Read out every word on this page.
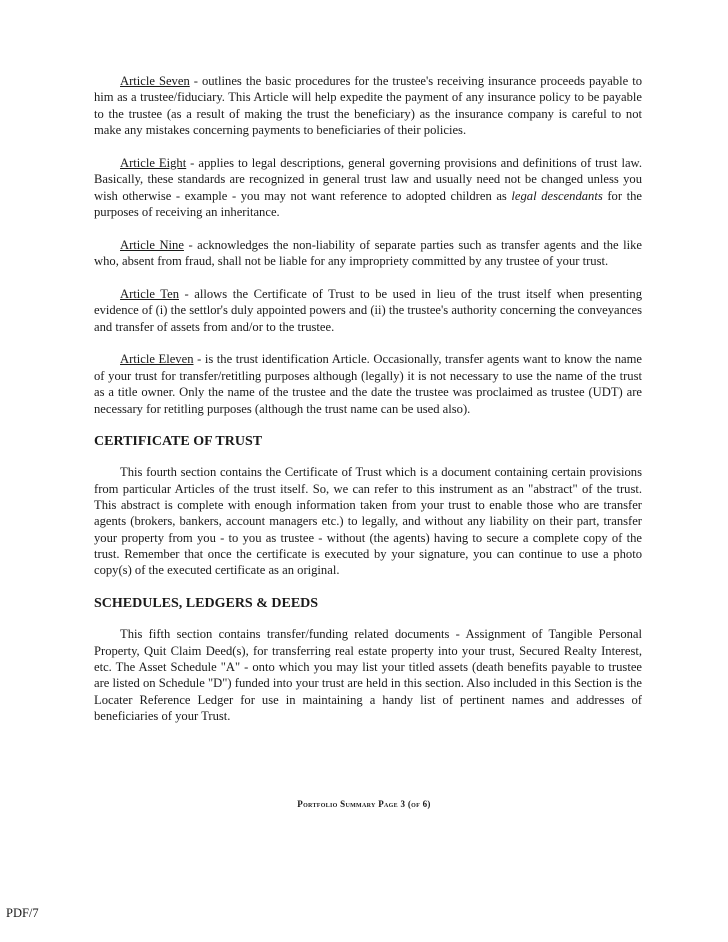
Article Seven - outlines the basic procedures for the trustee's receiving insurance proceeds payable to him as a trustee/fiduciary. This Article will help expedite the payment of any insurance policy to be payable to the trustee (as a result of making the trust the beneficiary) as the insurance company is careful to not make any mistakes concerning payments to beneficiaries of their policies.

Article Eight - applies to legal descriptions, general governing provisions and definitions of trust law. Basically, these standards are recognized in general trust law and usually need not be changed unless you wish otherwise - example - you may not want reference to adopted children as legal descendants for the purposes of receiving an inheritance.

Article Nine - acknowledges the non-liability of separate parties such as transfer agents and the like who, absent from fraud, shall not be liable for any impropriety committed by any trustee of your trust.

Article Ten - allows the Certificate of Trust to be used in lieu of the trust itself when presenting evidence of (i) the settlor's duly appointed powers and (ii) the trustee's authority concerning the conveyances and transfer of assets from and/or to the trustee.

Article Eleven - is the trust identification Article. Occasionally, transfer agents want to know the name of your trust for transfer/retitling purposes although (legally) it is not necessary to use the name of the trust as a title owner. Only the name of the trustee and the date the trustee was proclaimed as trustee (UDT) are necessary for retitling purposes (although the trust name can be used also).

CERTIFICATE OF TRUST

This fourth section contains the Certificate of Trust which is a document containing certain provisions from particular Articles of the trust itself. So, we can refer to this instrument as an "abstract" of the trust. This abstract is complete with enough information taken from your trust to enable those who are transfer agents (brokers, bankers, account managers etc.) to legally, and without any liability on their part, transfer your property from you - to you as trustee - without (the agents) having to secure a complete copy of the trust. Remember that once the certificate is executed by your signature, you can continue to use a photo copy(s) of the executed certificate as an original.

SCHEDULES, LEDGERS & DEEDS

This fifth section contains transfer/funding related documents - Assignment of Tangible Personal Property, Quit Claim Deed(s), for transferring real estate property into your trust, Secured Realty Interest, etc. The Asset Schedule "A" - onto which you may list your titled assets (death benefits payable to trustee are listed on Schedule "D") funded into your trust are held in this section. Also included in this Section is the Locater Reference Ledger for use in maintaining a handy list of pertinent names and addresses of beneficiaries of your Trust.

Portfolio Summary Page 3 (of 6)
PDF/7
